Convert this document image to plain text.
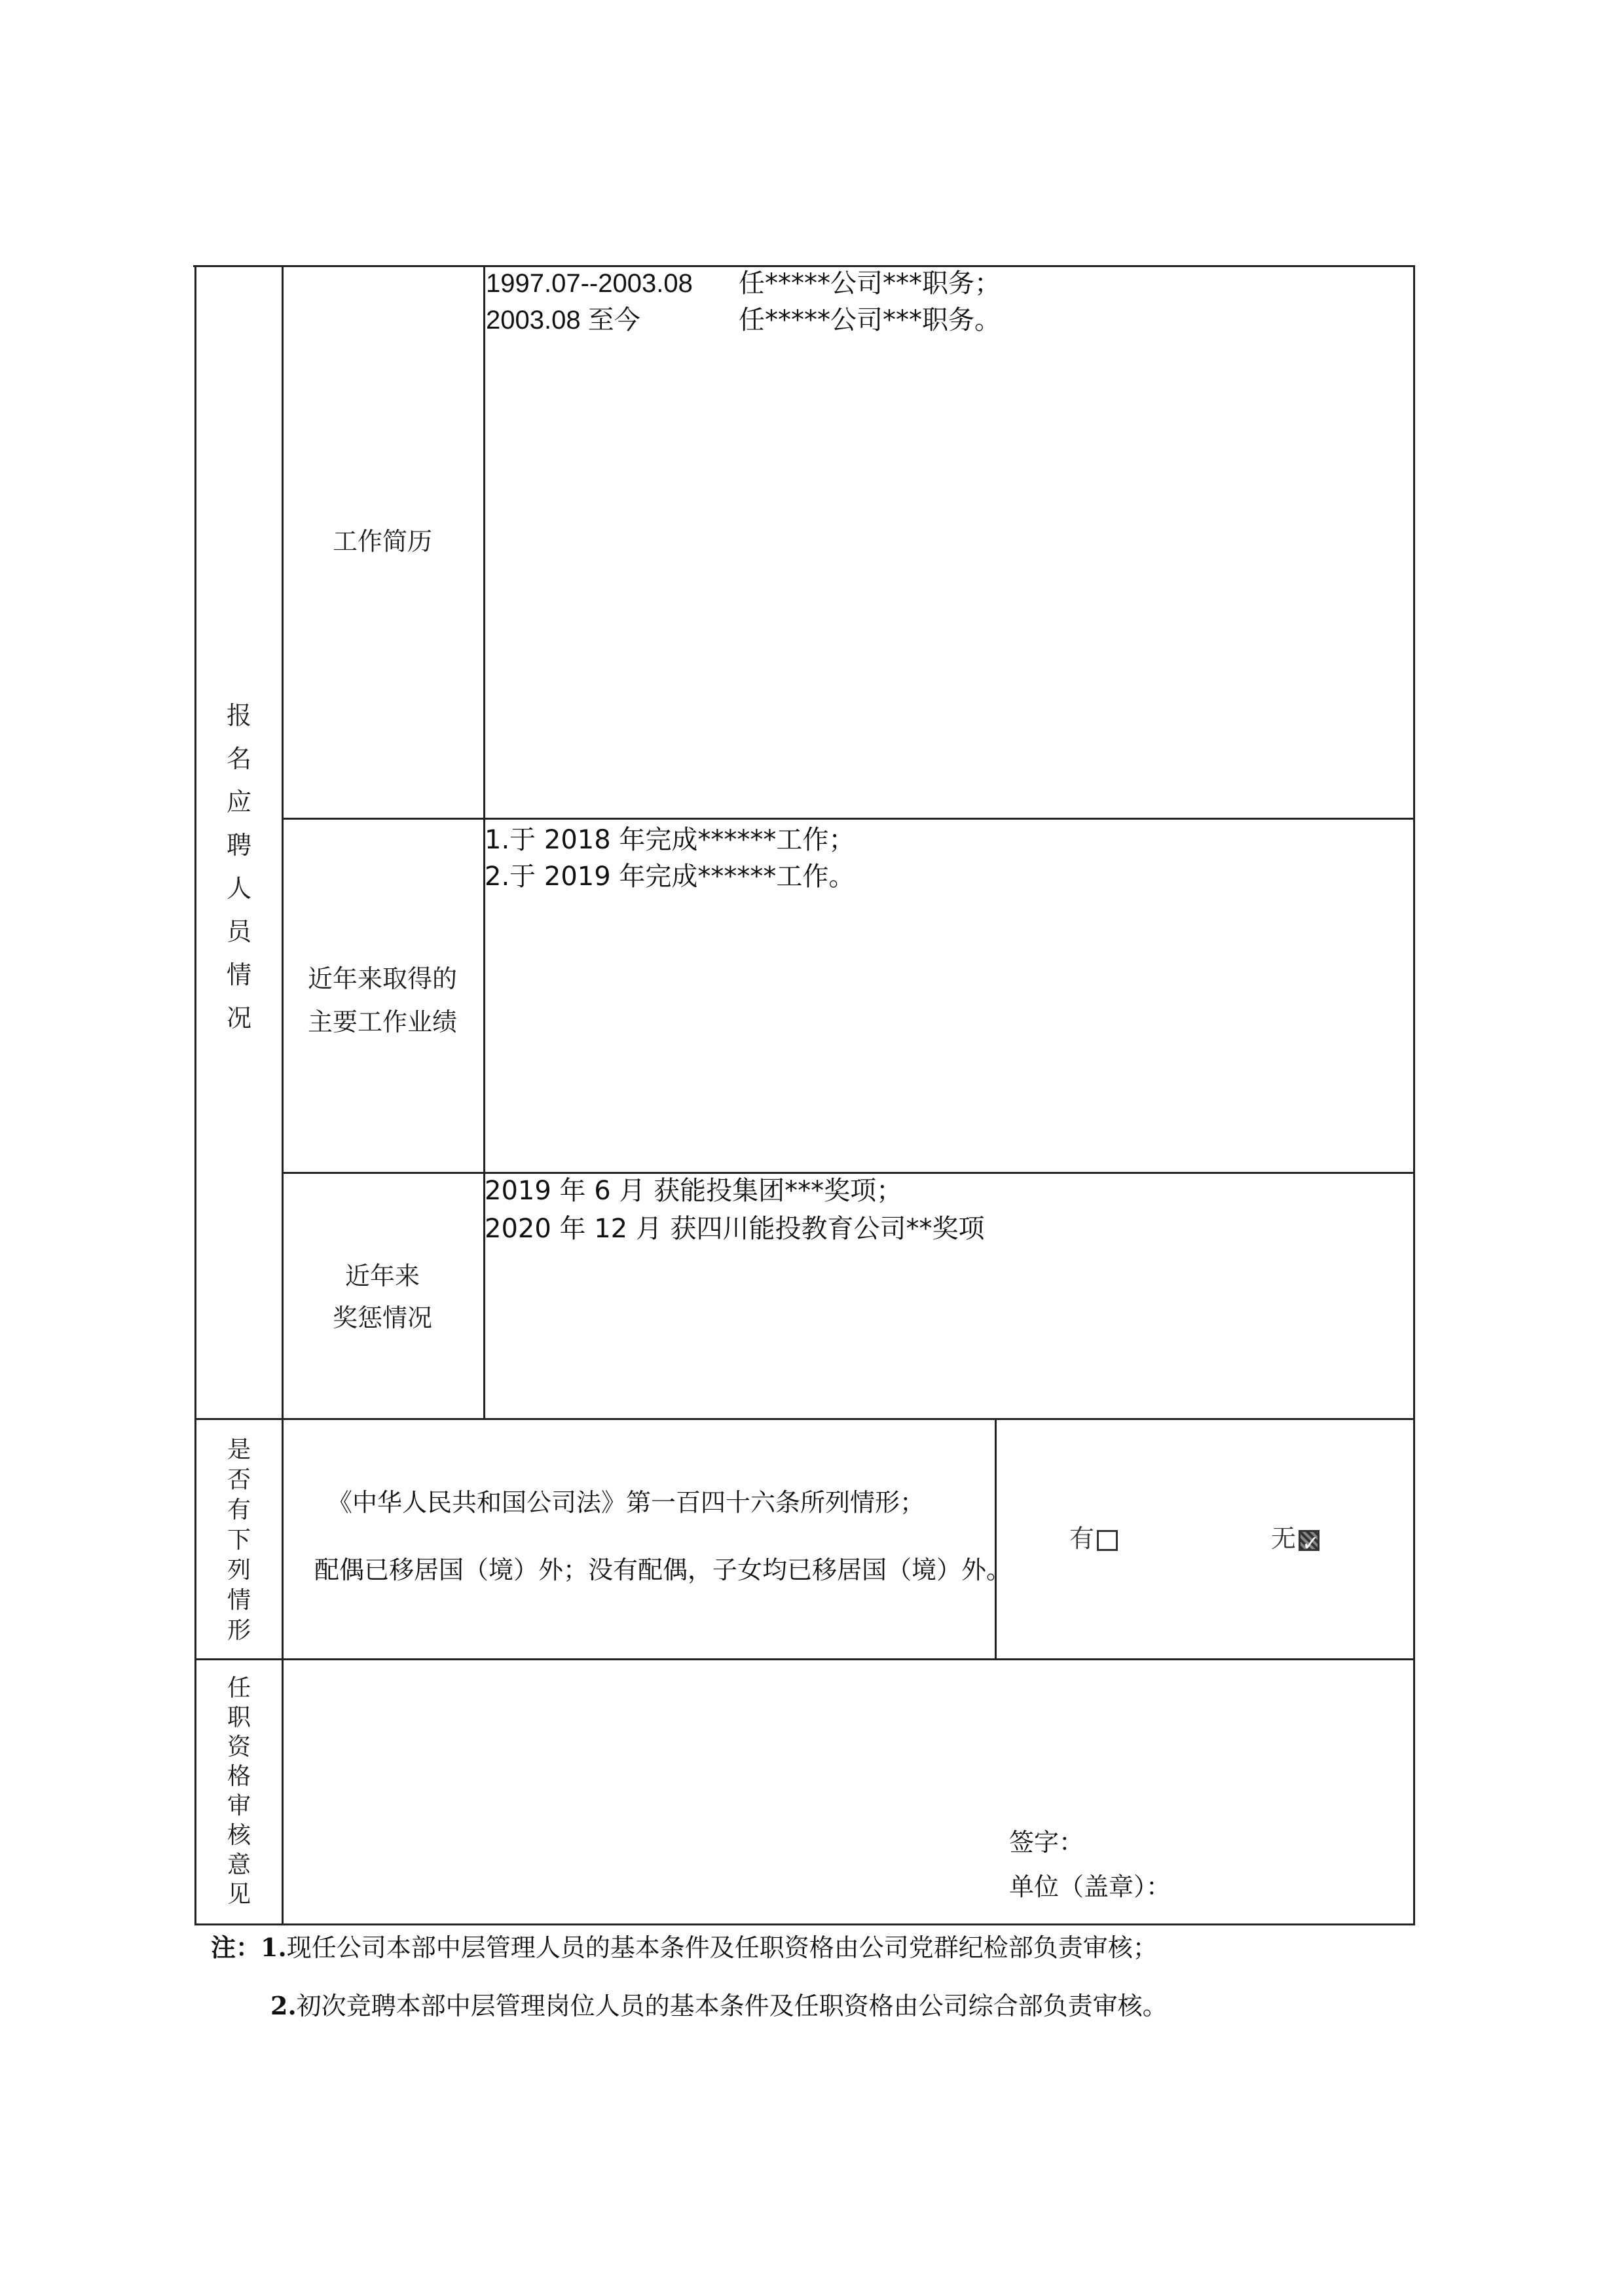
报名应聘人员情况
工作简历
1997.07--2003.08 任*****公司***职务；
2003.08 至今	任*****公司***职务。
近年来取得的
主要工作业绩
1.于 2018 年完成******工作；
2.于 2019 年完成******工作。
近年来
奖惩情况
2019 年 6 月 获能投集团***奖项；
2020 年 12 月 获四川能投教育公司**奖项
是否有下列情形
《中华人民共和国公司法》第一百四十六条所列情形；
配偶已移居国（境）外；没有配偶，子女均已移居国（境）外。
有	无✓
任职资格审核意见
签字：
单位（盖章）：
注：1.现任公司本部中层管理人员的基本条件及任职资格由公司党群纪检部负责审核；
2.初次竞聘本部中层管理岗位人员的基本条件及任职资格由公司综合部负责审核。
